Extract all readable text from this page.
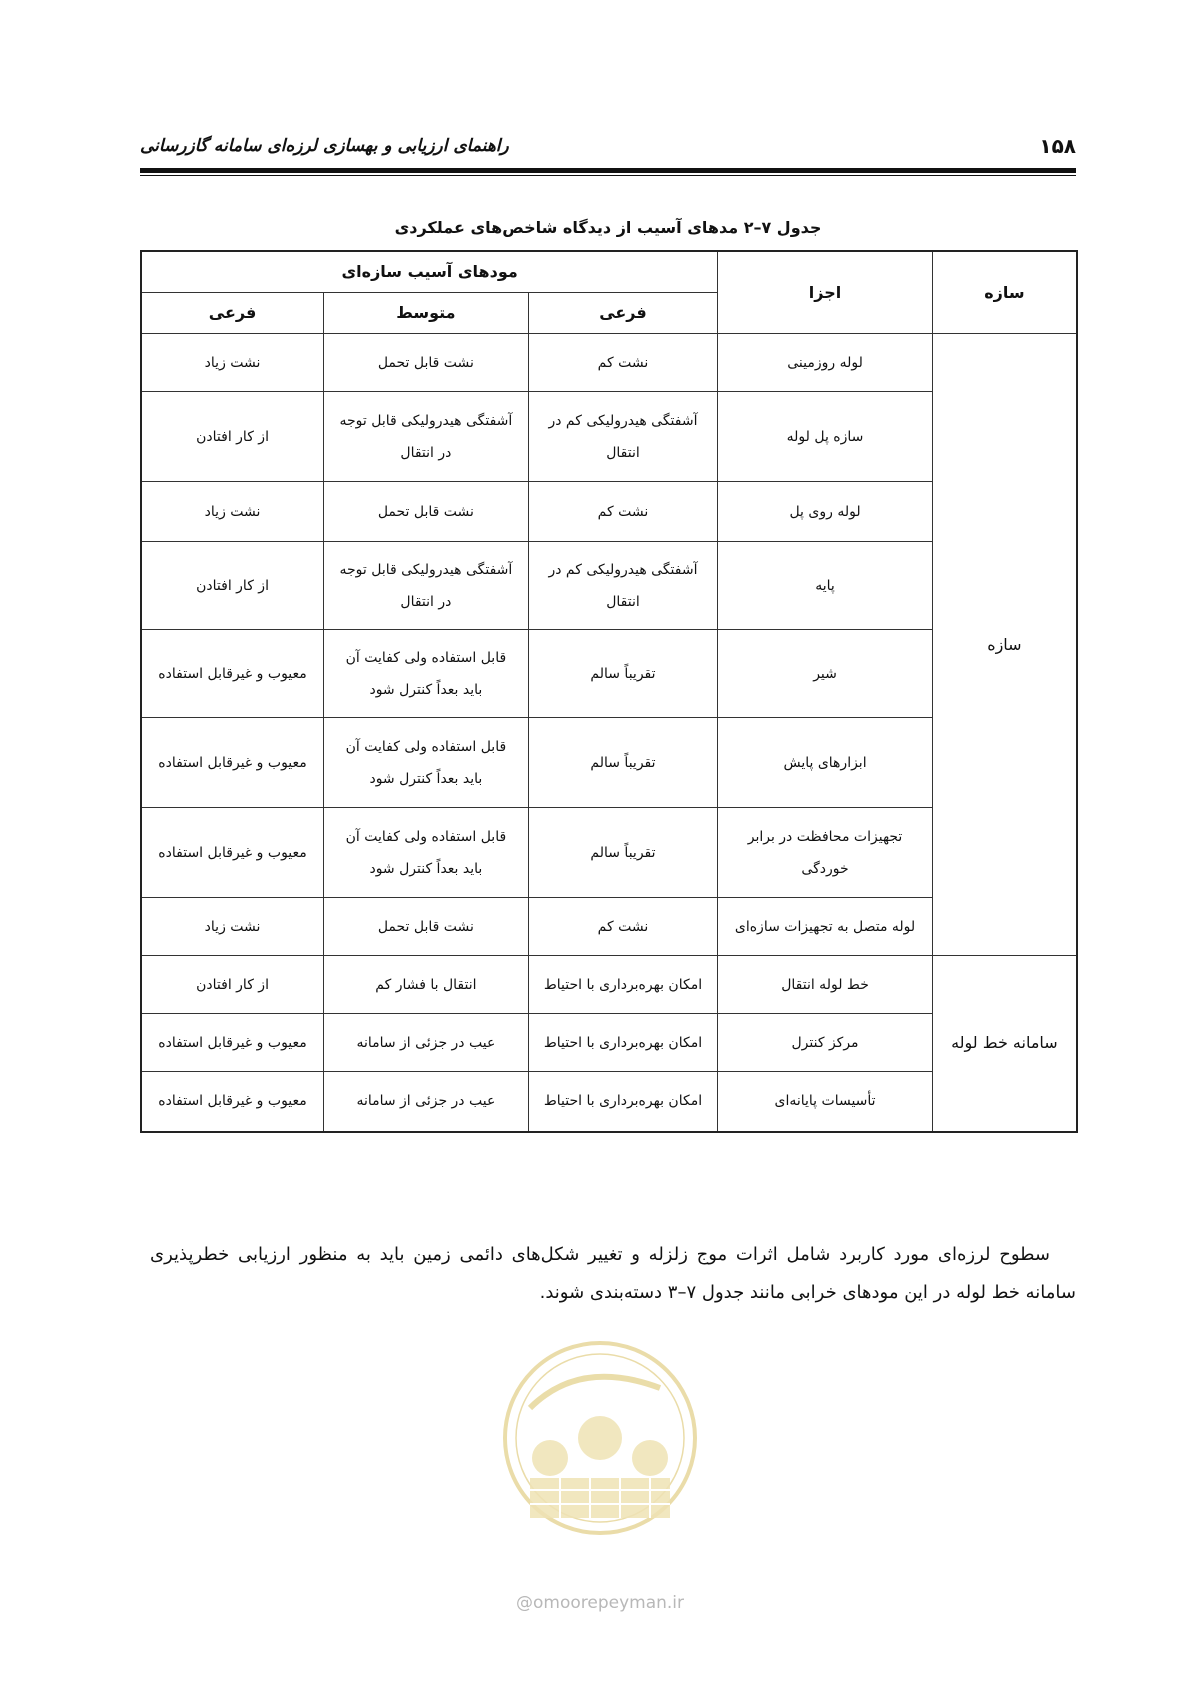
۱۵۸
راهنمای ارزیابی و بهسازی لرزه‌ای سامانه گازرسانی
جدول ۷–۲ مدهای آسیب از دیدگاه شاخص‌های عملکردی
سازه	اجزا	مودهای آسیب سازه‌ای		
		فرعی	متوسط	فرعی
سازه	لوله روزمینی	نشت کم	نشت قابل تحمل	نشت زیاد
	سازه پل لوله	آشفتگی هیدرولیکی کم در انتقال	آشفتگی هیدرولیکی قابل توجه در انتقال	از کار افتادن
	لوله روی پل	نشت کم	نشت قابل تحمل	نشت زیاد
	پایه	آشفتگی هیدرولیکی کم در انتقال	آشفتگی هیدرولیکی قابل توجه در انتقال	از کار افتادن
	شیر	تقریباً سالم	قابل استفاده ولی کفایت آن باید بعداً کنترل شود	معیوب و غیرقابل استفاده
	ابزارهای پایش	تقریباً سالم	قابل استفاده ولی کفایت آن باید بعداً کنترل شود	معیوب و غیرقابل استفاده
	تجهیزات محافظت در برابر خوردگی	تقریباً سالم	قابل استفاده ولی کفایت آن باید بعداً کنترل شود	معیوب و غیرقابل استفاده
	لوله متصل به تجهیزات سازه‌ای	نشت کم	نشت قابل تحمل	نشت زیاد
سامانه خط لوله	خط لوله انتقال	امکان بهره‌برداری با احتیاط	انتقال با فشار کم	از کار افتادن
	مرکز کنترل	امکان بهره‌برداری با احتیاط	عیب در جزئی از سامانه	معیوب و غیرقابل استفاده
	تأسیسات پایانه‌ای	امکان بهره‌برداری با احتیاط	عیب در جزئی از سامانه	معیوب و غیرقابل استفاده
سطوح لرزه‌ای مورد کاربرد شامل اثرات موج زلزله و تغییر شکل‌های دائمی زمین باید به منظور ارزیابی خطرپذیری سامانه خط لوله در این مودهای خرابی مانند جدول ۷–۳ دسته‌بندی شوند.
@omoorepeyman.ir
